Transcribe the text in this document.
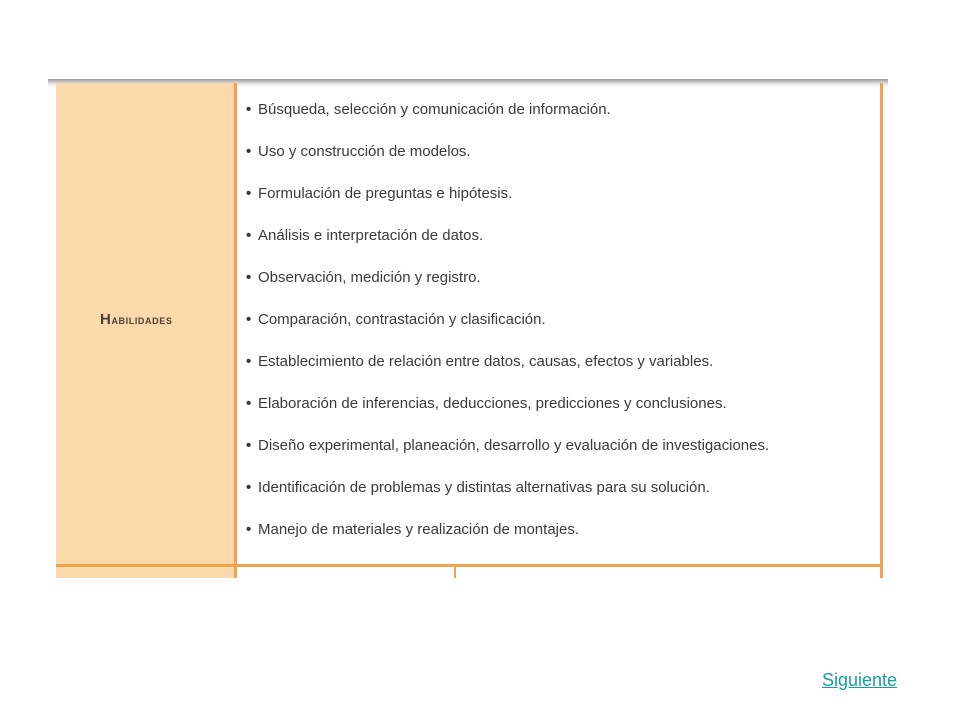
Habilidades
• Búsqueda, selección y comunicación de información.
• Uso y construcción de modelos.
• Formulación de preguntas e hipótesis.
• Análisis e interpretación de datos.
• Observación, medición y registro.
• Comparación, contrastación y clasificación.
• Establecimiento de relación entre datos, causas, efectos y variables.
• Elaboración de inferencias, deducciones, predicciones y conclusiones.
• Diseño experimental, planeación, desarrollo y evaluación de investigaciones.
• Identificación de problemas y distintas alternativas para su solución.
• Manejo de materiales y realización de montajes.
Siguiente
